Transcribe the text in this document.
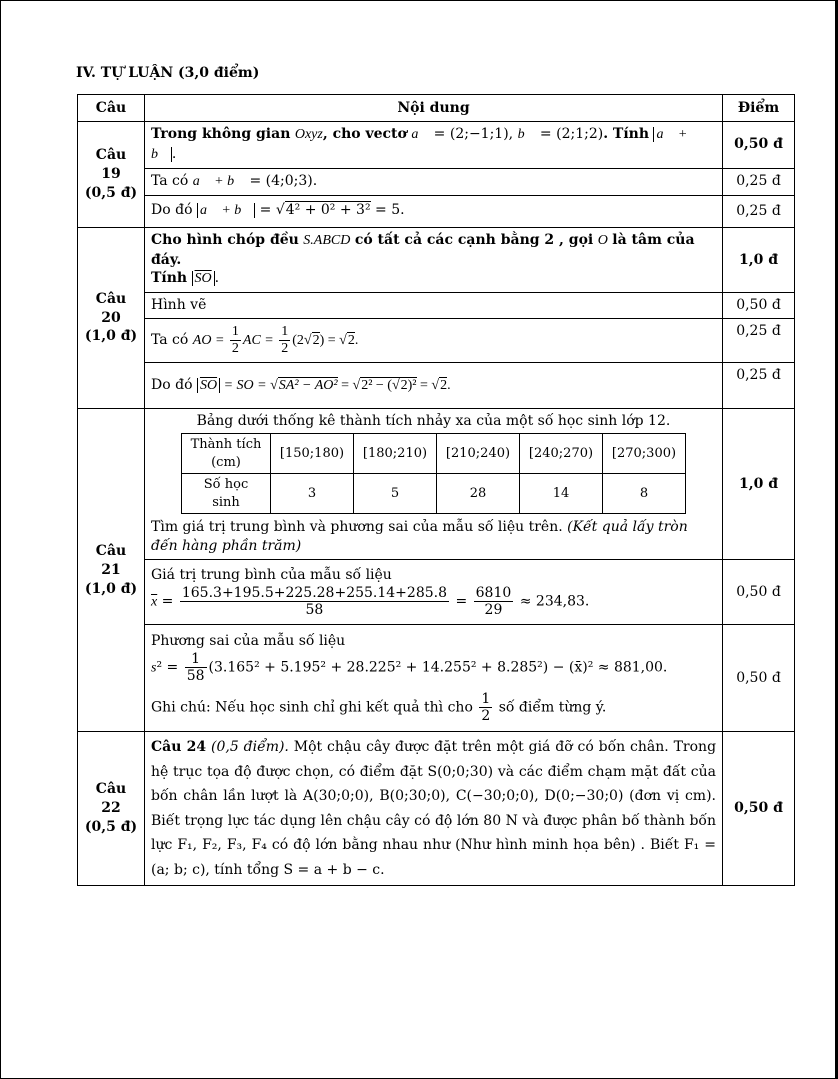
IV. TỰ LUẬN (3,0 điểm)
Câu	Nội dung	Điểm

Câu 19
(0,5 đ)
	Trong không gian Oxyz, cho vectơ a⃗ = (2;−1;1), b⃗ = (2;1;2). Tính a⃗ + b⃗ .	0,50 đ
Ta có a⃗ + b⃗ = (4;0;3).	0,25 đ
Do đó a⃗ + b⃗ = √4² + 0² + 3² = 5.	0,25 đ

Câu 20
(1,0 đ)
	Cho hình chóp đều S.ABCD có tất cả các cạnh bằng 2 , gọi O là tâm của đáy.
Tính $\overline{SO}$ .	1,0 đ
Hình vẽ	0,50 đ
Ta có AO = $\frac{1}{2}$ AC = $\frac{1}{2} (2√2) = √2$.	0,25 đ
Do đó $\overline{SO}$ = SO = √SA² − AO² = √2² − (√2)² = √2.	0,25 đ

Câu 21
(1,0 đ)

Bảng dưới thống kê thành tích nhảy xa của một số học sinh lớp 12.
Thành tích (cm)	[150;180)	[180;210)	[210;240)	[240;270)	[270;300)
Số học sinh	3	5	28	14	8
Tìm giá trị trung bình và phương sai của mẫu số liệu trên. (Kết quả lấy tròn đến hàng phần trăm)
	1,0 đ

Giá trị trung bình của mẫu số liệu
$\overline{x} = \frac{165.3+195.5+225.28+255.14+285.8}{58} = \frac{6810}{29} \approx 234,83$.
	0,50 đ

Phương sai của mẫu số liệu
$s^2 = \frac{1}{58} (3.165^2 + 5.195^2 + 28.225^2 + 14.255^2 + 8.285^2)$ − (x̄)² ≈ 881,00.
Ghi chú: Nếu học sinh chỉ ghi kết quả thì cho $\frac{1}{2}$ số điểm từng ý.
	0,50 đ

Câu 22
(0,5 đ)
	Câu 24 (0,5 điểm). Một chậu cây được đặt trên một giá đỡ có bốn chân. Trong hệ trục tọa độ được chọn, có điểm đặt S(0;0;30) và các điểm chạm mặt đất của bốn chân lần lượt là A(30;0;0), B(0;30;0), C(−30;0;0), D(0;−30;0) (đơn vị cm). Biết trọng lực tác dụng lên chậu cây có độ lớn 80 N và được phân bố thành bốn lực F₁, F₂, F₃, F₄ có độ lớn bằng nhau như (Như hình minh họa bên) . Biết F₁ = (a; b; c), tính tổng S = a + b − c.	0,50 đ
